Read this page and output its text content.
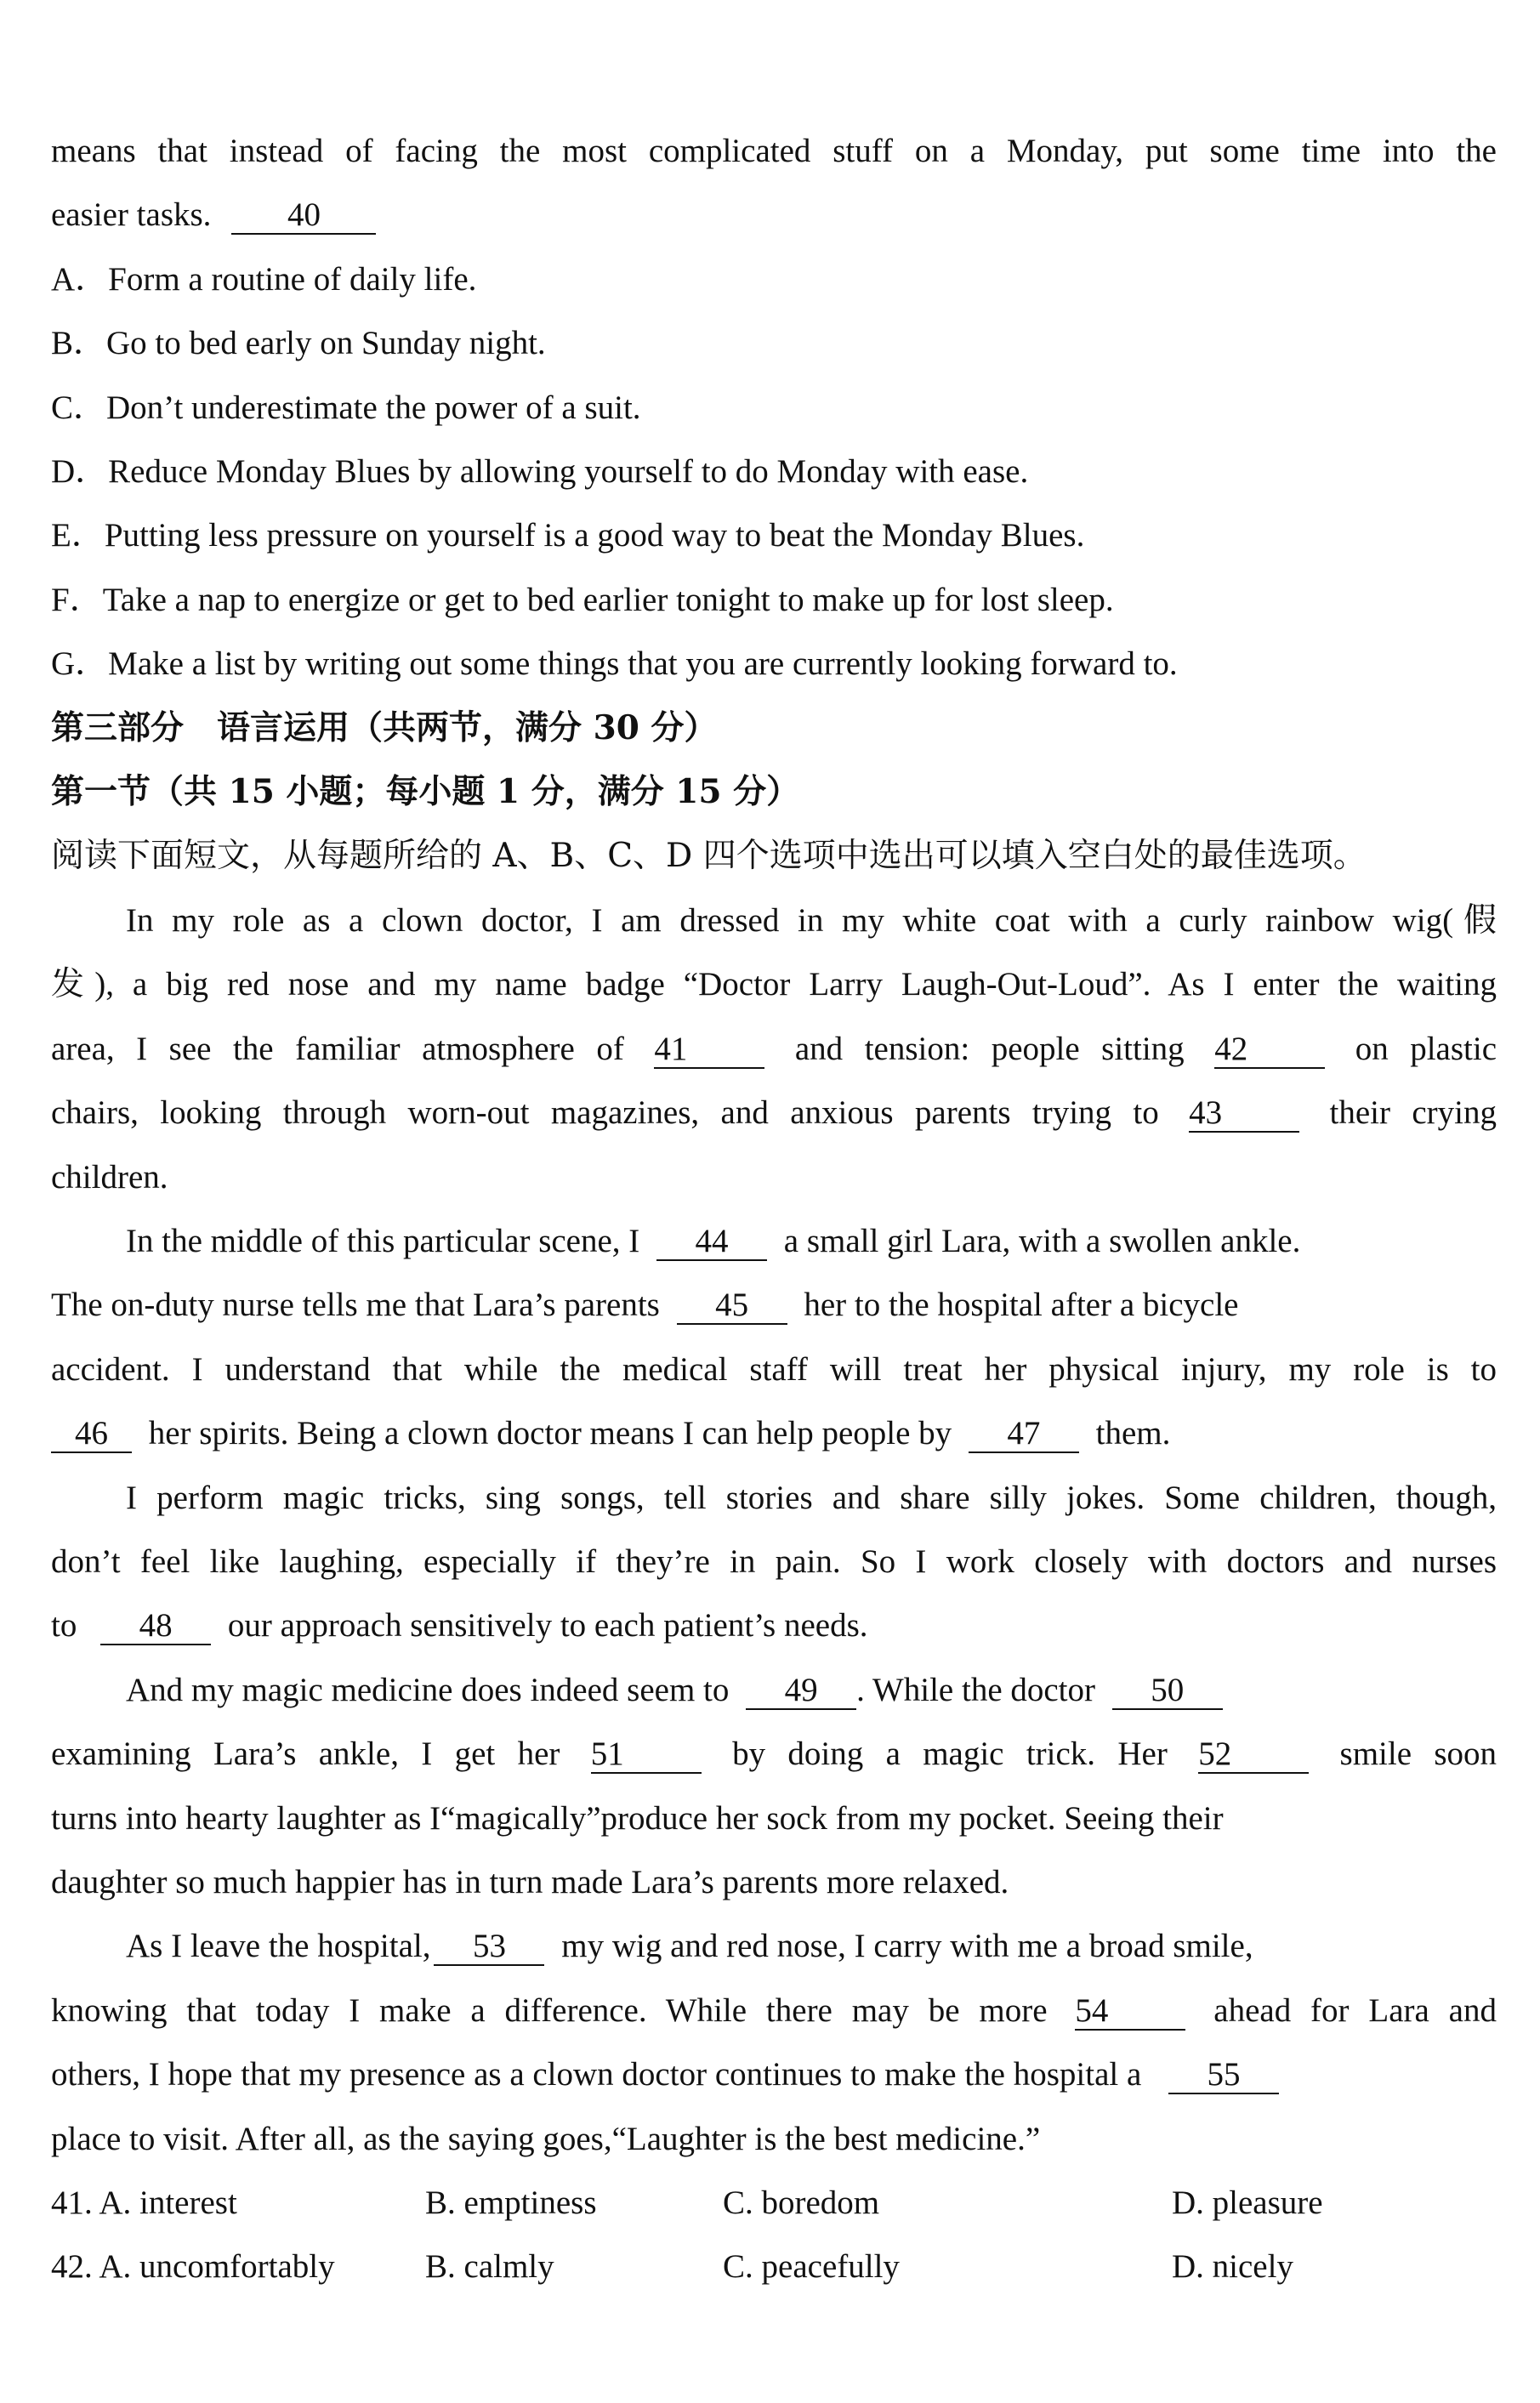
means that instead of facing the most complicated stuff on a Monday, put some time into the
easier tasks. 40
A．Form a routine of daily life.
B．Go to bed early on Sunday night.
C．Don’t underestimate the power of a suit.
D．Reduce Monday Blues by allowing yourself to do Monday with ease.
E．Putting less pressure on yourself is a good way to beat the Monday Blues.
F．Take a nap to energize or get to bed earlier tonight to make up for lost sleep.
G．Make a list by writing out some things that you are currently looking forward to.
第三部分　语言运用（共两节，满分 30 分）
第一节（共 15 小题；每小题 1 分，满分 15 分）
阅读下面短文，从每题所给的 A、B、C、D 四个选项中选出可以填入空白处的最佳选项。
In my role as a clown doctor, I am dressed in my white coat with a curly rainbow wig(假
发), a big red nose and my name badge “Doctor Larry Laugh-Out-Loud”. As I enter the waiting
area, I see the familiar atmosphere of 41	and tension: people sitting 42	on plastic
chairs, looking through worn-out magazines, and anxious parents trying to 43	their crying
children.
In the middle of this particular scene, I 44 a small girl Lara, with a swollen ankle.
The on-duty nurse tells me that Lara’s parents 45 her to the hospital after a bicycle
accident. I understand that while the medical staff will treat her physical injury, my role is to
46 her spirits. Being a clown doctor means I can help people by 47 them.
I perform magic tricks, sing songs, tell stories and share silly jokes. Some children, though,
don’t feel like laughing, especially if they’re in pain. So I work closely with doctors and nurses
to 48 our approach sensitively to each patient’s needs.
And my magic medicine does indeed seem to 49 . While the doctor 50
examining Lara’s ankle, I get her 51	by doing a magic trick. Her 52	smile soon
turns into hearty laughter as I“magically”produce her sock from my pocket. Seeing their
daughter so much happier has in turn made Lara’s parents more relaxed.
As I leave the hospital, 53 my wig and red nose, I carry with me a broad smile,
knowing that today I make a difference. While there may be more 54	ahead for Lara and
others, I hope that my presence as a clown doctor continues to make the hospital a 55
place to visit. After all, as the saying goes,“Laughter is the best medicine.”
41. A. interest	B. emptiness	C. boredom	D. pleasure
42. A. uncomfortably	B. calmly	C. peacefully	D. nicely
